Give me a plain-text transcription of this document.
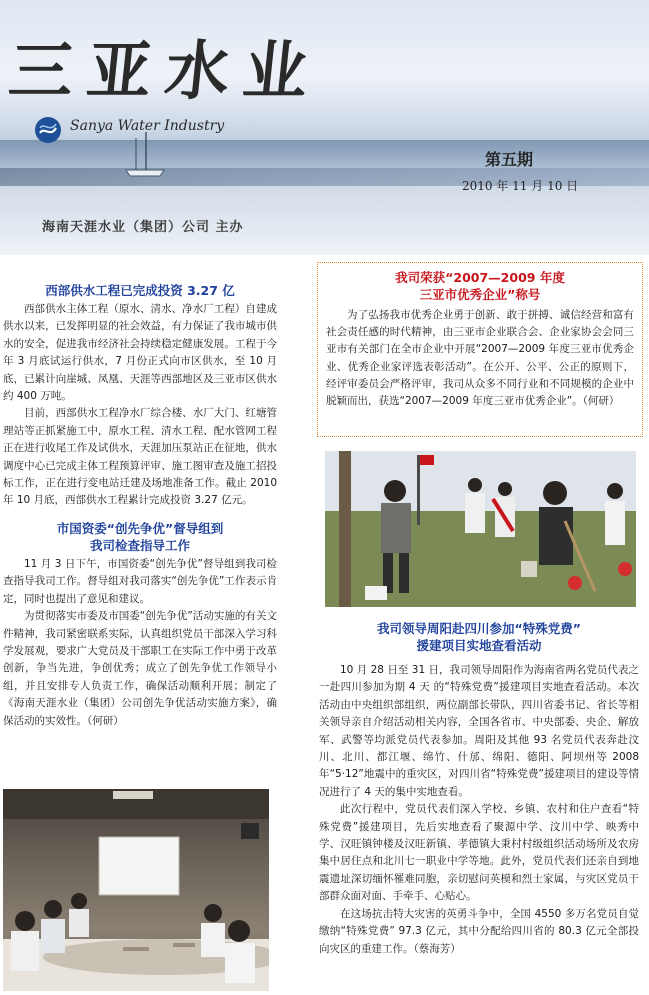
三亚水业
Sanya Water Industry
第五期
2010 年 11 月 10 日
海南天涯水业（集团）公司 主办
西部供水工程已完成投资 3.27 亿

西部供水主体工程（原水、清水、净水厂工程）自建成供水以来，已发挥明显的社会效益，有力保证了我市城市供水的安全，促进我市经济社会持续稳定健康发展。工程于今年 3 月底试运行供水，7 月份正式向市区供水，至 10 月底，已累计向崖城、凤凰、天涯等西部地区及三亚市区供水约 400 万吨。

目前，西部供水工程净水厂综合楼、水厂大门、红塘管理站等正抓紧施工中，原水工程、清水工程、配水管网工程正在进行收尾工作及试供水，天涯加压泵站正在征地，供水调度中心已完成主体工程预算评审、施工图审查及施工招投标工作，正在进行变电站迁建及场地准备工作。截止 2010 年 10 月底，西部供水工程累计完成投资 3.27 亿元。

市国资委“创先争优”督导组到
我司检查指导工作

11 月 3 日下午，市国资委“创先争优”督导组到我司检查指导我司工作。督导组对我司落实“创先争优”工作表示肯定，同时也提出了意见和建议。

为贯彻落实市委及市国委“创先争优”活动实施的有关文件精神，我司紧密联系实际，认真组织党员干部深入学习科学发展观，要求广大党员及干部职工在实际工作中勇于改革创新，争当先进，争创优秀；成立了创先争优工作领导小组，并且安排专人负责工作，确保活动顺利开展；制定了《海南天涯水业（集团）公司创先争优活动实施方案》，确保活动的实效性。（何研）

我司荣获“2007—2009 年度
三亚市优秀企业”称号

为了弘扬我市优秀企业勇于创新、敢于拼搏、诚信经营和富有社会责任感的时代精神，由三亚市企业联合会、企业家协会会同三亚市有关部门在全市企业中开展“2007—2009 年度三亚市优秀企业、优秀企业家评选表彰活动”。在公开、公平、公正的原则下，经评审委员会严格评审，我司从众多不同行业和不同规模的企业中脱颖而出，获选“2007—2009 年度三亚市优秀企业”。（何研）

我司领导周阳赴四川参加“特殊党费”
援建项目实地查看活动

10 月 28 日至 31 日，我司领导周阳作为海南省两名党员代表之一赴四川参加为期 4 天 的“特殊党费”援建项目实地查看活动。本次活动由中央组织部组织，两位副部长带队，四川省委书记、省长等相关领导亲自介绍活动相关内容，全国各省市、中央部委、央企、解放军、武警等均派党员代表参加。周阳及其他 93 名党员代表奔赴汶川、北川、都江堰、绵竹、什邡、绵阳、德阳、阿坝州等 2008 年“5·12”地震中的重灾区，对四川省“特殊党费”援建项目的建设等情况进行了 4 天的集中实地查看。

此次行程中，党员代表们深入学校、乡镇、农村和住户查看“特殊党费”援建项目，先后实地查看了聚源中学、汶川中学、映秀中学、汉旺镇钟楼及汉旺新镇、孝德镇大秉村村级组织活动场所及农房集中居住点和北川七一职业中学等地。此外，党员代表们还亲自到地震遗址深切缅怀罹难同胞，亲切慰问英模和烈士家属，与灾区党员干部群众面对面、手牵手、心贴心。

在这场抗击特大灾害的英勇斗争中，全国 4550 多万名党员自觉缴纳“特殊党费” 97.3 亿元，其中分配给四川省的 80.3 亿元全部投向灾区的重建工作。（蔡海芳）
